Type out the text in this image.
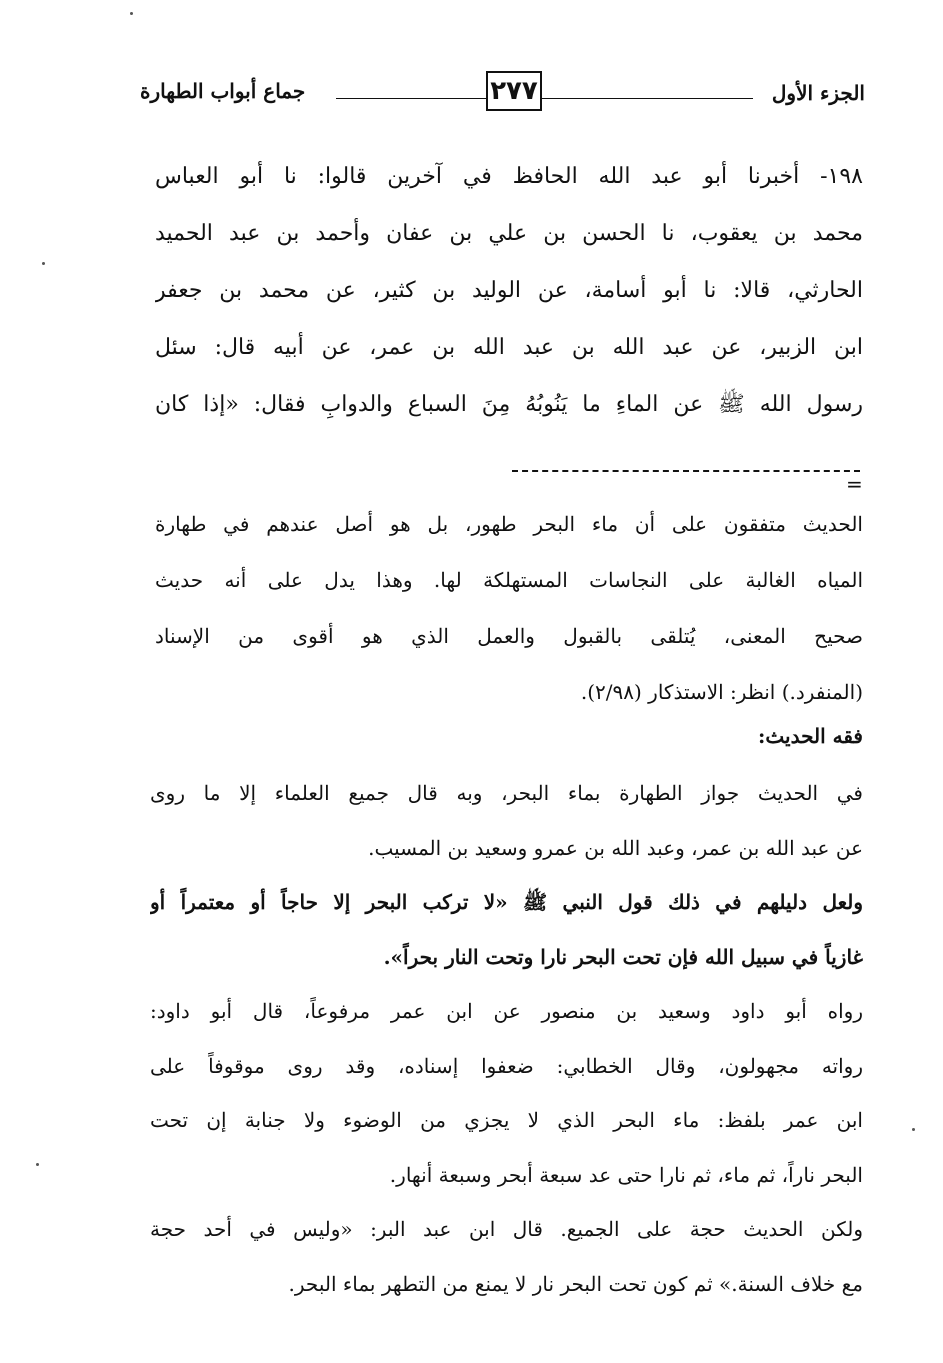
الجزء الأول
٢٧٧
جماع أبواب الطهارة
١٩٨- أخبرنا أبو عبد الله الحافظ في آخرين قالوا: نا أبو العباس
محمد بن يعقوب، نا الحسن بن علي بن عفان وأحمد بن عبد الحميد
الحارثي، قالا: نا أبو أسامة، عن الوليد بن كثير، عن محمد بن جعفر
ابن الزبير، عن عبد الله بن عبد الله بن عمر، عن أبيه قال: سئل
رسول الله ﷺ عن الماءِ ما يَنُوبُهُ مِنَ السباع والدوابِ فقال: «إذا كان
=
الحديث متفقون على أن ماء البحر طهور، بل هو أصل عندهم في طهارة
المياه الغالبة على النجاسات المستهلكة لها. وهذا يدل على أنه حديث
صحيح المعنى، يُتلقى بالقبول والعمل الذي هو أقوى من الإسناد
(المنفرد.) انظر: الاستذكار (٢/٩٨).
فقه الحديث:
في الحديث جواز الطهارة بماء البحر، وبه قال جميع العلماء إلا ما روى
عن عبد الله بن عمر، وعبد الله بن عمرو وسعيد بن المسيب.
ولعل دليلهم في ذلك قول النبي ﷺ «لا تركب البحر إلا حاجاً أو معتمراً أو
غازياً في سبيل الله فإن تحت البحر نارا وتحت النار بحراً».
رواه أبو داود وسعيد بن منصور عن ابن عمر مرفوعاً، قال أبو داود:
رواته مجهولون، وقال الخطابي: ضعفوا إسناده، وقد روى موقوفاً على
ابن عمر بلفظ: ماء البحر الذي لا يجزي من الوضوء ولا جنابة إن تحت
البحر ناراً، ثم ماء، ثم نارا حتى عد سبعة أبحر وسبعة أنهار.
ولكن الحديث حجة على الجميع. قال ابن عبد البر: «وليس في أحد حجة
مع خلاف السنة.» ثم كون تحت البحر نار لا يمنع من التطهر بماء البحر.
